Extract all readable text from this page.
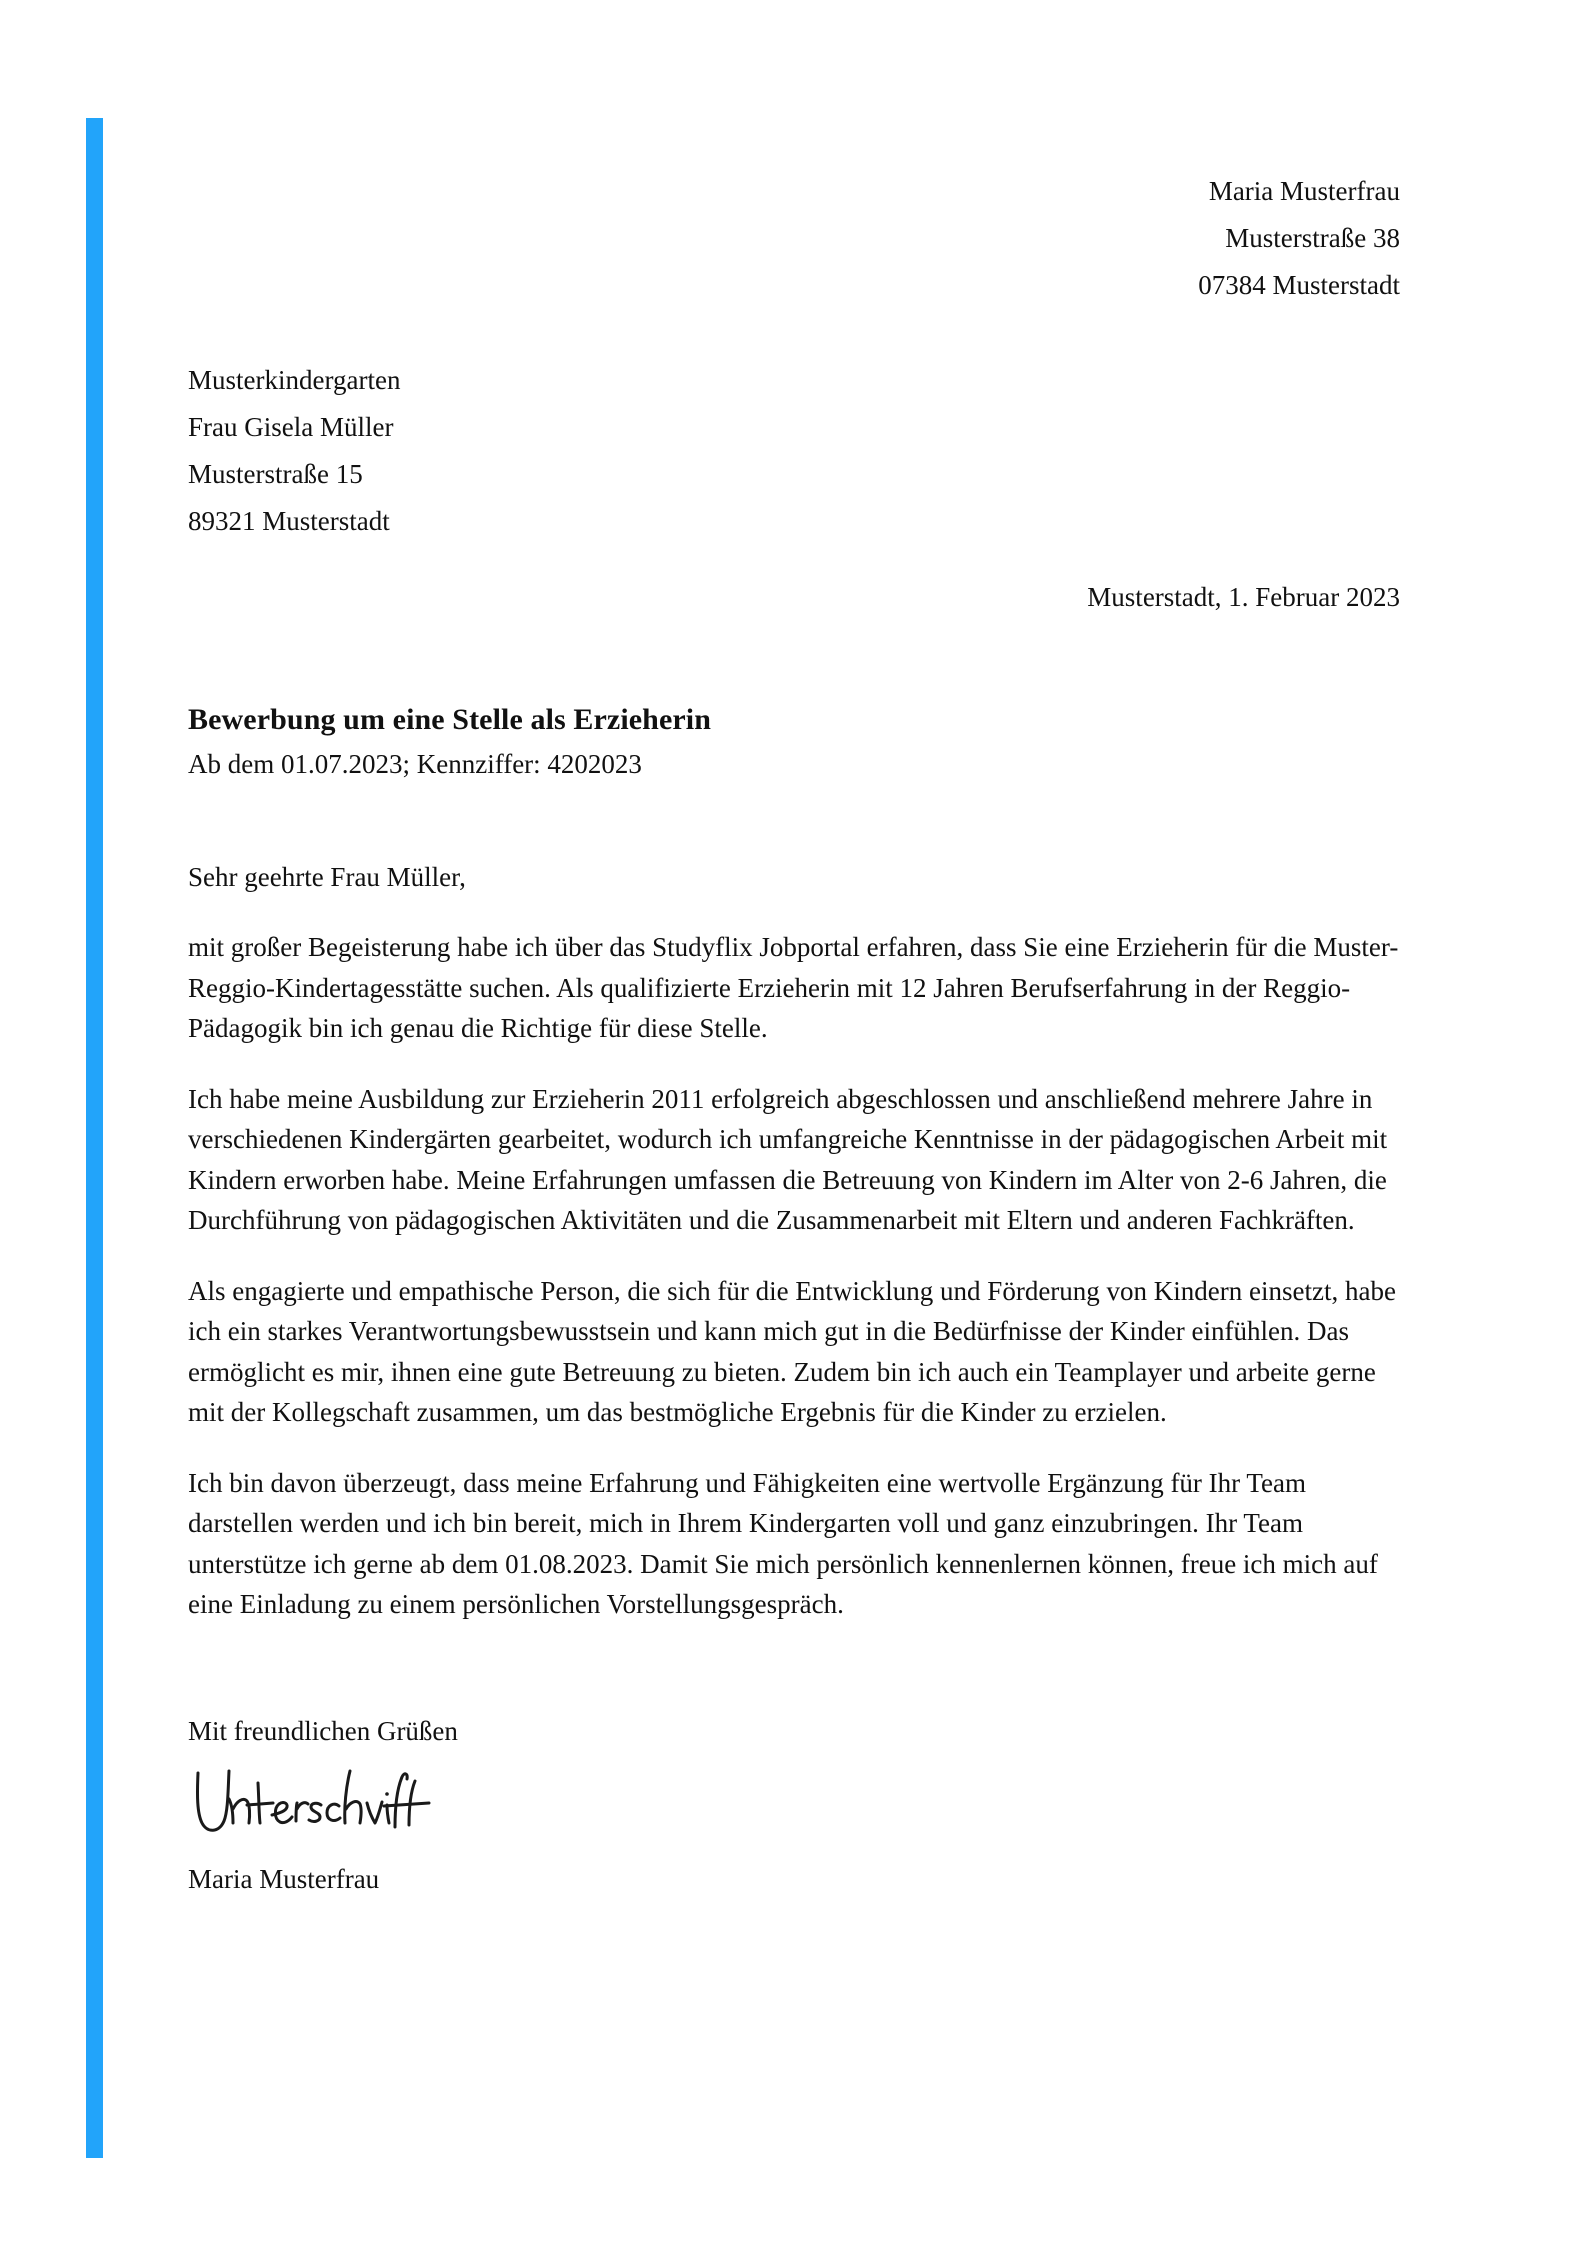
Maria Musterfrau
Musterstraße 38
07384 Musterstadt
Musterkindergarten
Frau Gisela Müller
Musterstraße 15
89321 Musterstadt
Musterstadt, 1. Februar 2023
Bewerbung um eine Stelle als Erzieherin
Ab dem 01.07.2023; Kennziffer: 4202023
Sehr geehrte Frau Müller,

mit großer Begeisterung habe ich über das Studyflix Jobportal erfahren, dass Sie eine Erzieherin für die Muster-Reggio-Kindertagesstätte suchen. Als qualifizierte Erzieherin mit 12 Jahren Berufserfahrung in der Reggio-Pädagogik bin ich genau die Richtige für diese Stelle.

Ich habe meine Ausbildung zur Erzieherin 2011 erfolgreich abgeschlossen und anschließend mehrere Jahre in verschiedenen Kindergärten gearbeitet, wodurch ich umfangreiche Kenntnisse in der pädagogischen Arbeit mit Kindern erworben habe. Meine Erfahrungen umfassen die Betreuung von Kindern im Alter von 2-6 Jahren, die Durchführung von pädagogischen Aktivitäten und die Zusammenarbeit mit Eltern und anderen Fachkräften.

Als engagierte und empathische Person, die sich für die Entwicklung und Förderung von Kindern einsetzt, habe ich ein starkes Verantwortungsbewusstsein und kann mich gut in die Bedürfnisse der Kinder einfühlen. Das ermöglicht es mir, ihnen eine gute Betreuung zu bieten. Zudem bin ich auch ein Teamplayer und arbeite gerne mit der Kollegschaft zusammen, um das bestmögliche Ergebnis für die Kinder zu erzielen.

Ich bin davon überzeugt, dass meine Erfahrung und Fähigkeiten eine wertvolle Ergänzung für Ihr Team darstellen werden und ich bin bereit, mich in Ihrem Kindergarten voll und ganz einzubringen. Ihr Team unterstütze ich gerne ab dem 01.08.2023. Damit Sie mich persönlich kennenlernen können, freue ich mich auf eine Einladung zu einem persönlichen Vorstellungsgespräch.

Mit freundlichen Grüßen
Maria Musterfrau
